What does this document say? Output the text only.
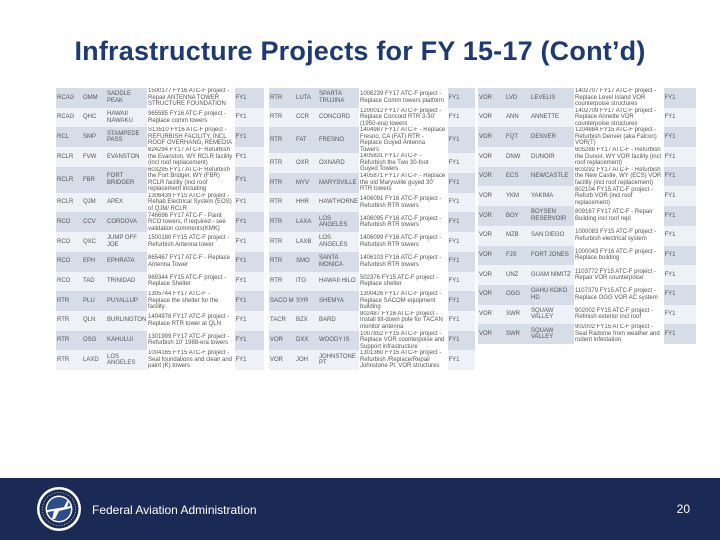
Infrastructure Projects for FY 15-17 (Cont’d)
RCAG	OMM	SADDLE PEAK	1500177 FY16 ATC-F project - Repair ANTENNA TOWER STRUCTURE FOUNDATION	FY1
RCAG	QHC	HAWAII NAWAKU	965585 FY16 ATC-F project - Replace comm towers	FY1
RCL	SMP	STAMPEDE PASS	S13510 FY16 ATC-F project - REFURBISH FACILITY, INCL ROOF OVERHANG, REMEDIA	FY1
RCLR	FVW	EVANSTON	624294 FY17 ATC-F Refurbish the Evanston, WY RCLR facility (incl roof replacement)	FY1
RCLR	FBR	FORT BRIDGER	603295 FY17 ATC-F Refurbish the Fort Bridger, WY (FBR) RCLR facility (incl roof replacement including	FY1
RCLR	QJM	APEX	1306439 FY15 ATC-F project - Rehab Electrical System (EOS) of QJM/ RCLR	FY1
RCO	CCV	CORDOVA	746696 FY17 ATC-F - Paint RCO towers, if required - see validation comments(KMK)	FY1
RCO	QXC	JUMP OFF JOE	1500180 FY15 ATC-F project - Refurbish Antenna tower	FY1
RCO	EPH	EPHRATA	865467 FY17 ATC-F - Replace Antenna Tower	FY1
RCO	TAD	TRINIDAD	969344 FY15 ATC-F project - Replace Shelter	FY1
RTR	PLU	PUYALLUP	1305744 FY17 ATC-F - Replace the shelter for the facility.	FY1
RTR	QLN	BURLINGTON	1404978 FY17 ATC-F project - Replace RTR tower at QLN	FY1
RTR	OSG	KAHULUI	1301999 FY17 ATC-F project - Refurbish 10' 1988-era towers	FY1
RTR	LAXD	LOS ANGELES	1004165 FY15 ATC-F project - Seal foundations and clean and paint (K) towers	FY1
RTR	LUTA	SPARTA TRUJINA	1006239 FY17 ATC-F project - Replace Comm towers platform	FY1
RTR	CCR	CONCORD	1200012 FY17 ATC-F project - Replace Concord RTR 3-30' (1950-era) towers	FY1
RTR	FAT	FRESNO	1404987 FY17 ATC-F - Replace Fresno, CA (FAT) RTR - Replace Guyed Antenna Towers	FY1
RTR	OXR	OXNARD	1405831 FY17 ATC-F - Refurbish the Two 30-foot Guyed Towers	FY1
RTR	MYV	MARYSVILLE	1405871 FY17 ATC-F - Replace the old Marysville guyed 30' RTR towers	FY1
RTR	HHR	HAWTHORNE	1406091 FY16 ATC-F project - Refurbish RTR towers	FY1
RTR	LAXA	LOS ANGELES	1406095 FY16 ATC-F project - Refurbish RTR towers	FY1
RTR	LAXB	LOS ANGELES	1406099 FY16 ATC-F project - Refurbish RTR towers	FY1
RTR	SMO	SANTA MONICA	1406103 FY16 ATC-F project - Refurbish RTR towers	FY1
RTR	ITO	HAWAII HILO	502376 FY15 ATC-F project - Replace shelter	FY1
SACO M	SYR	SHEMYA	1300426 FY17 ATC-F project - Replace SACOM equipment building	FY1
TACR	BZX	BARD	802487 FY16 ATC-F project - Install tilt-down pole for TACAN monitor antenna	FY1
VOR	DXX	WOODY IS	1007852 FY15 ATC-F project - Replace VOR counterpoise and Support infrastructure	FY1
VOR	JOH	JOHNSTONE PT	1301360 FY15 ATC-F project - Refurbish /Replace/Repair Johnstone Pt. VOR structures	FY1
VOR	LVD	LEVELIS	1402707 FY17 ATC-F project - Replace Level Island VOR counterpoise structures	FY1
VOR	ANN	ANNETTE	1402709 FY17 ATC-F project - Replace Annette VOR counterpoise structures	FY1
VOR	FQT	DENVER	1204884 FY15 ATC-F project - Refurbish Denver (aka Falcon) VOR(T)	FY1
VOR	DNW	DUNOIR	605288 FY17 ATC-F - Refurbish the Dunoir, WY VOR facility (incl roof replacement)	FY1
VOR	ECS	NEWCASTLE	603292 FY17 ATC-F - Refurbish the New Castle, WY (ECS) VOR facility (incl roof replacement)	FY1
VOR	YKM	YAKIMA	802104 FY15 ATC-F project - Refurb VOR (incl roof replacement)	FY1
VOR	BOY	BOYSEN RESERVOIR	809167 FY17 ATC-F - Repair Building incl roof repl	FY1
VOR	MZB	SAN DIEGO	1000083 FY15 ATC-F project - Refurbish electrical system	FY1
VOR	FJS	FORT JONES	1000043 FY16 ATC-F project - Replace building	FY1
VOR	UNZ	GUAM NIMITZ	1103772 FY15 ATC-F project - Repair VOR counterpoise	FY1
VOR	OGG	OAHU KOKO HD	1107379 FY15 ATC-F project - Replace OGG VOR AC system	FY1
VOR	SWR	SQUAW VALLEY	902002 FY15 ATC-F project - Refinish exterior incl roof	FY1
VOR	SWR	SQUAW VALLEY	902002 FY15 ATC-F project - Seal Radome from weather and rodent infestation	FY1
Federal Aviation Administration	20
